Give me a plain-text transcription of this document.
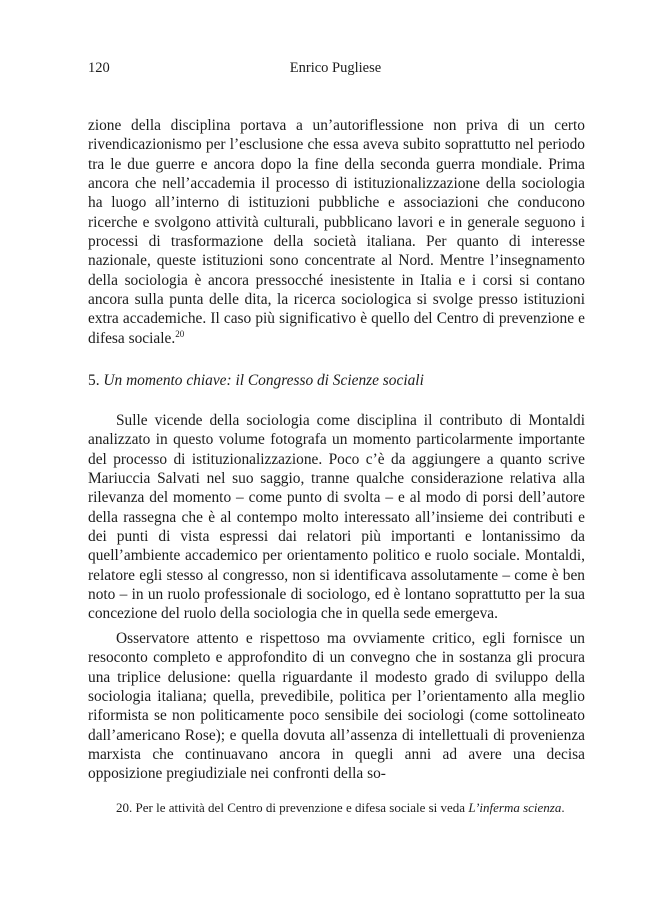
120	Enrico Pugliese

zione della disciplina portava a un’autoriflessione non priva di un certo rivendicazionismo per l’esclusione che essa aveva subito soprattutto nel periodo tra le due guerre e ancora dopo la fine della seconda guerra mondiale. Prima ancora che nell’accademia il processo di istituzionalizzazione della sociologia ha luogo all’interno di istituzioni pubbliche e associazioni che conducono ricerche e svolgono attività culturali, pubblicano lavori e in generale seguono i processi di trasformazione della società italiana. Per quanto di interesse nazionale, queste istituzioni sono concentrate al Nord. Mentre l’insegnamento della sociologia è ancora pressocché inesistente in Italia e i corsi si contano ancora sulla punta delle dita, la ricerca sociologica si svolge presso istituzioni extra accademiche. Il caso più significativo è quello del Centro di prevenzione e difesa sociale.$^{20}$

5. Un momento chiave: il Congresso di Scienze sociali

Sulle vicende della sociologia come disciplina il contributo di Montaldi analizzato in questo volume fotografa un momento particolarmente importante del processo di istituzionalizzazione. Poco c’è da aggiungere a quanto scrive Mariuccia Salvati nel suo saggio, tranne qualche considerazione relativa alla rilevanza del momento – come punto di svolta – e al modo di porsi dell’autore della rassegna che è al contempo molto interessato all’insieme dei contributi e dei punti di vista espressi dai relatori più importanti e lontanissimo da quell’ambiente accademico per orientamento politico e ruolo sociale. Montaldi, relatore egli stesso al congresso, non si identificava assolutamente – come è ben noto – in un ruolo professionale di sociologo, ed è lontano soprattutto per la sua concezione del ruolo della sociologia che in quella sede emergeva.

Osservatore attento e rispettoso ma ovviamente critico, egli fornisce un resoconto completo e approfondito di un convegno che in sostanza gli procura una triplice delusione: quella riguardante il modesto grado di sviluppo della sociologia italiana; quella, prevedibile, politica per l’orientamento alla meglio riformista se non politicamente poco sensibile dei sociologi (come sottolineato dall’americano Rose); e quella dovuta all’assenza di intellettuali di provenienza marxista che continuavano ancora in quegli anni ad avere una decisa opposizione pregiudiziale nei confronti della so-

20. Per le attività del Centro di prevenzione e difesa sociale si veda L’inferma scienza.
